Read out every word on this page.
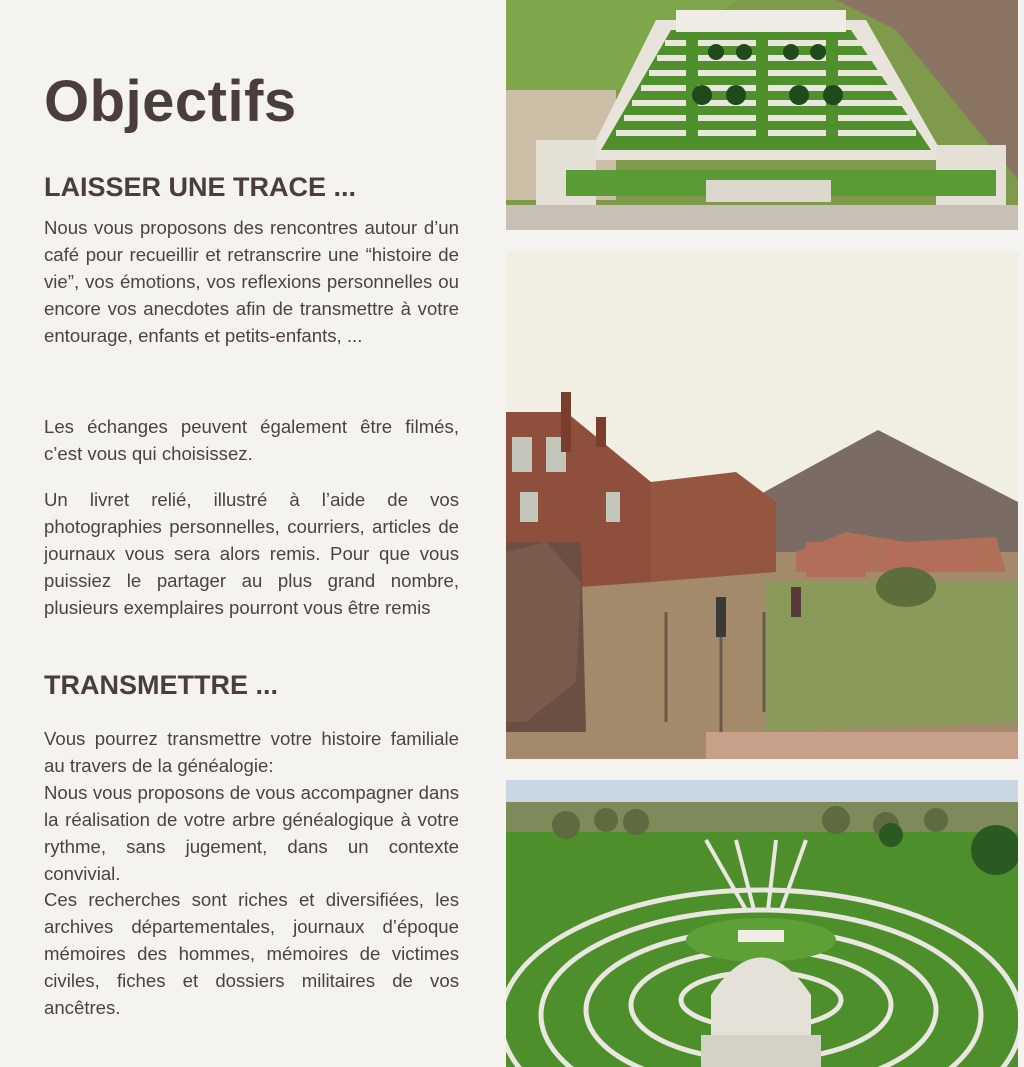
Objectifs
LAISSER UNE TRACE ...

Nous vous proposons des rencontres autour d’un café pour recueillir et retranscrire une “histoire de vie”, vos émotions, vos reflexions personnelles ou encore vos anecdotes afin de transmettre à votre entourage, enfants et petits-enfants, ...

Les échanges peuvent également être filmés, c’est vous qui choisissez.

Un livret relié, illustré à l’aide de vos photographies personnelles, courriers, articles de journaux vous sera alors remis. Pour que vous puissiez le partager au plus grand nombre, plusieurs exemplaires pourront vous être remis

TRANSMETTRE ...
Vous pourrez transmettre votre histoire familiale au travers de la généalogie:
Nous vous proposons de vous accompagner dans la réalisation de votre arbre généalogique à votre rythme, sans jugement, dans un contexte convivial.
Ces recherches sont riches et diversifiées, les archives départementales, journaux d’époque mémoires des hommes, mémoires de victimes civiles, fiches et dossiers militaires de vos ancêtres.
